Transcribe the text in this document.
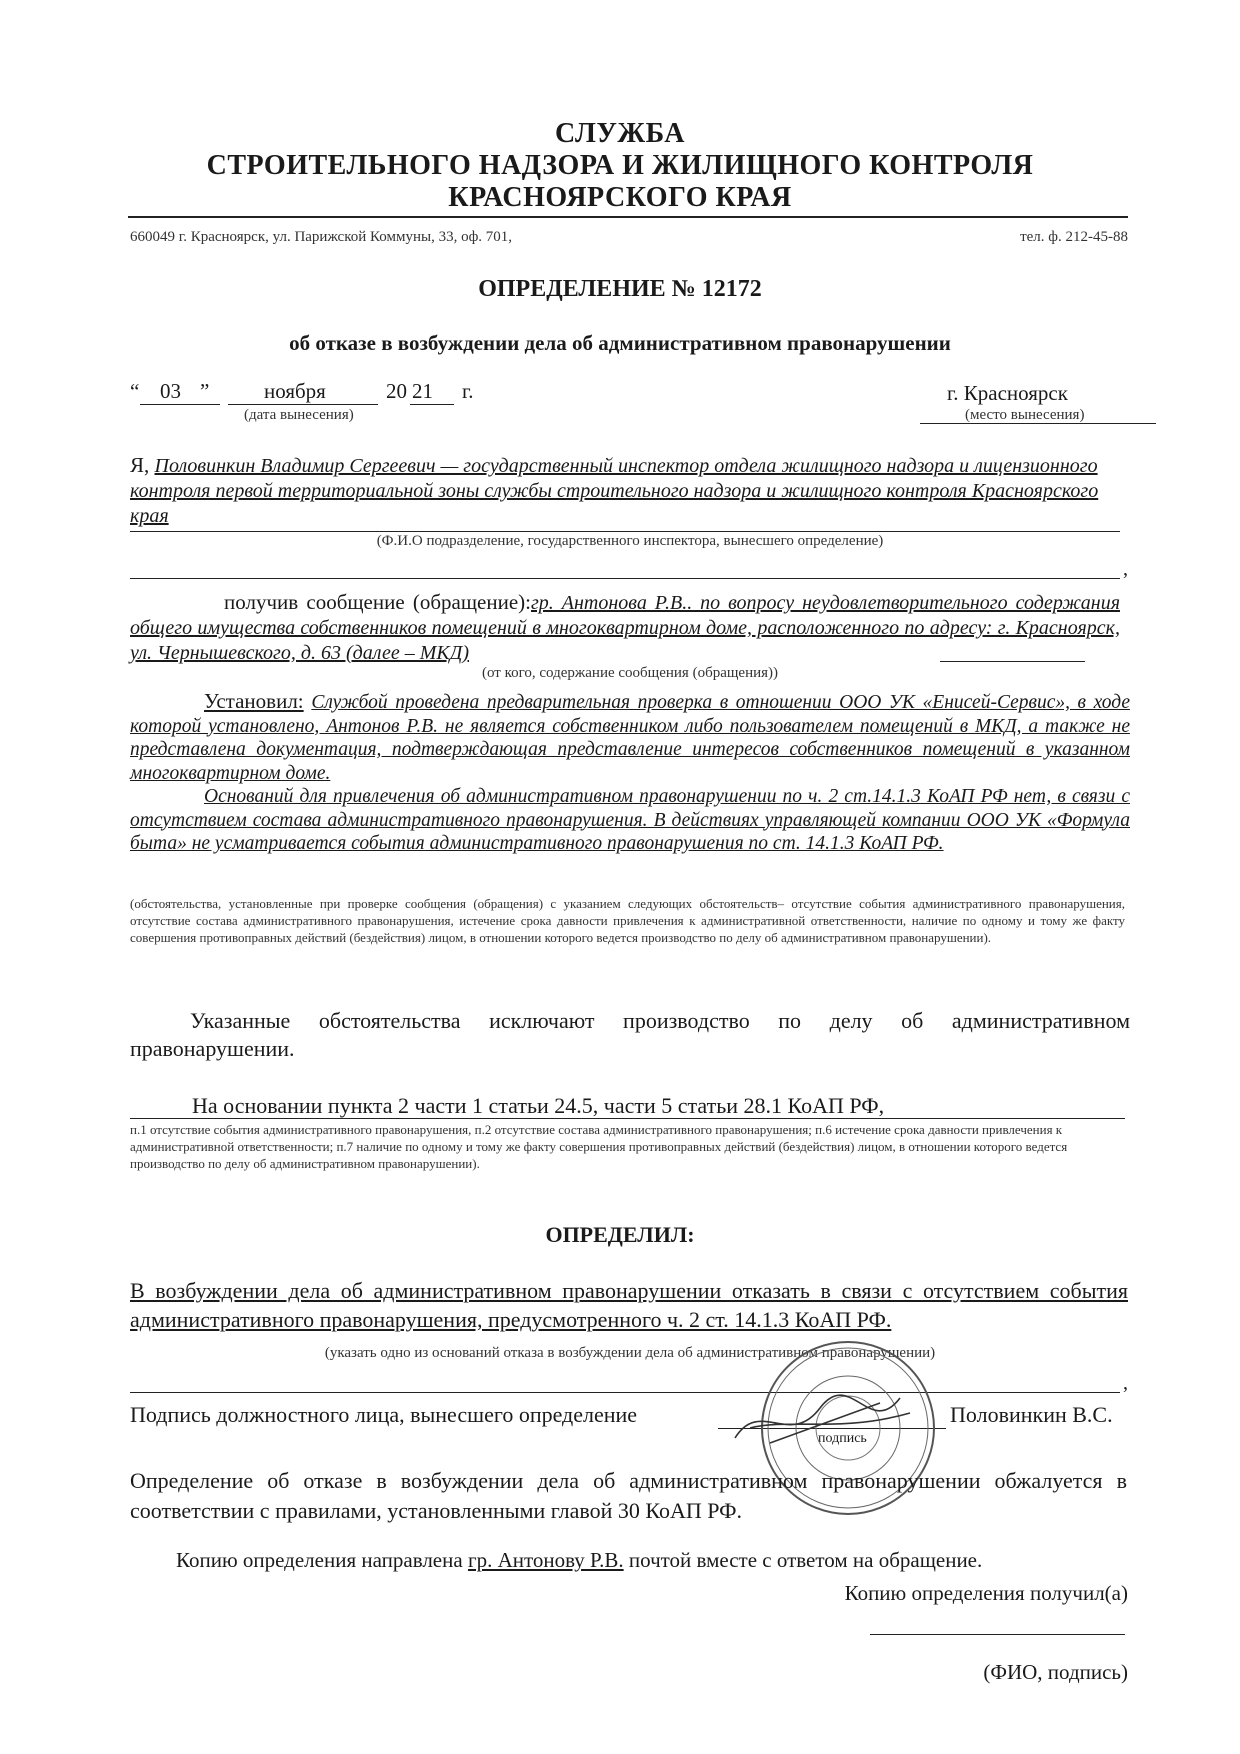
СЛУЖБА
СТРОИТЕЛЬНОГО НАДЗОРА И ЖИЛИЩНОГО КОНТРОЛЯ
КРАСНОЯРСКОГО КРАЯ
660049 г. Красноярск, ул. Парижской Коммуны, 33, оф. 701,	тел. ф. 212-45-88
ОПРЕДЕЛЕНИЕ № 12172
об отказе в возбуждении дела об административном правонарушении
“ 03 ”	ноября	20 21 г.
(дата вынесения)
г. Красноярск
(место вынесения)
Я, Половинкин Владимир Сергеевич — государственный инспектор отдела жилищного надзора и лицензионного контроля первой территориальной зоны службы строительного надзора и жилищного контроля Красноярского края
(Ф.И.О подразделение, государственного инспектора, вынесшего определение)
,
получив сообщение (обращение):гр. Антонова Р.В.. по вопросу неудовлетворительного содержания общего имущества собственников помещений в многоквартирном доме, расположенного по адресу: г. Красноярск, ул. Чернышевского, д. 63 (далее – МКД)
(от кого, содержание сообщения (обращения))
Установил: Службой проведена предварительная проверка в отношении ООО УК «Енисей-Сервис», в ходе которой установлено, Антонов Р.В. не является собственником либо пользователем помещений в МКД, а также не представлена документация, подтверждающая представление интересов собственников помещений в указанном многоквартирном доме.
Оснований для привлечения об административном правонарушении по ч. 2 ст.14.1.3 КоАП РФ нет, в связи с отсутствием состава административного правонарушения. В действиях управляющей компании ООО УК «Формула быта» не усматривается события административного правонарушения по ст. 14.1.3 КоАП РФ.
(обстоятельства, установленные при проверке сообщения (обращения) с указанием следующих обстоятельств– отсутствие события административного правонарушения, отсутствие состава административного правонарушения, истечение срока давности привлечения к административной ответственности, наличие по одному и тому же факту совершения противоправных действий (бездействия) лицом, в отношении которого ведется производство по делу об административном правонарушении).
Указанные обстоятельства исключают производство по делу об административном правонарушении.
На основании пункта 2 части 1 статьи 24.5, части 5 статьи 28.1 КоАП РФ,
п.1 отсутствие события административного правонарушения, п.2 отсутствие состава административного правонарушения; п.6 истечение срока давности привлечения к административной ответственности; п.7 наличие по одному и тому же факту совершения противоправных действий (бездействия) лицом, в отношении которого ведется производство по делу об административном правонарушении).
ОПРЕДЕЛИЛ:
В возбуждении дела об административном правонарушении отказать в связи с отсутствием события административного правонарушения, предусмотренного ч. 2 ст. 14.1.3 КоАП РФ.
(указать одно из оснований отказа в возбуждении дела об административном правонарушении)
,
Подпись должностного лица, вынесшего определение	Половинкин В.С.
подпись
Определение об отказе в возбуждении дела об административном правонарушении обжалуется в соответствии с правилами, установленными главой 30 КоАП РФ.
Копию определения направлена гр. Антонову Р.В. почтой вместе с ответом на обращение.
Копию определения получил(а)
(ФИО, подпись)
